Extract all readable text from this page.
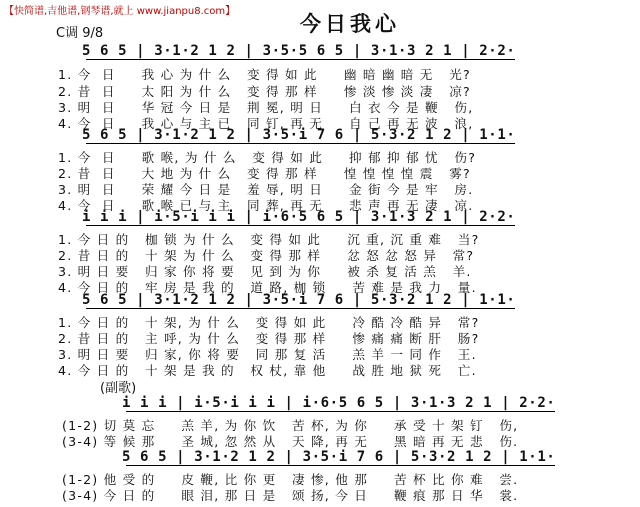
【快简谱,吉他谱,钢琴谱,就上 www.jianpu8.com】
今日我心
C调 9/8
5 6 5 | 3·1·2 1 2 | 3·5·5 6 5 | 3·1·3 2 1 | 2·2·
1. 今  日     我 心 为 什 么   变 得 如 此     幽 暗 幽 暗 无   光?
2. 昔  日     太 阳 为 什 么   变 得 那 样     惨 淡 惨 淡 凄   凉?
3. 明  日     华 冠 今 日 是   荆 冕, 明 日     白 衣 今 是 鞭   伤,
4. 今  日     我 心 与 主 已   同 钉, 再 无     自 己 再 无 波   浪,
5 6 5 | 3·1·2 1 2 | 3·5·i 7 6 | 5·3·2 1 2 | 1·1·
1. 今  日     歌 喉, 为 什 么   变 得 如 此     抑 郁 抑 郁 忧   伤?
2. 昔  日     大 地 为 什 么   变 得 那 样     惶 惶 惶 惶 震   雾?
3. 明  日     荣 耀 今 日 是   羞 辱, 明 日     金 街 今 是 牢   房.
4. 今  日     歌 喉 已 与 主   同 葬, 再 无     悲 声 再 无 凄   凉.
i i i | i·5·i i i | i·6·5 6 5 | 3·1·3 2 1 | 2·2·
1. 今 日 的   枷 锁 为 什 么   变 得 如 此     沉 重, 沉 重 难   当?
2. 昔 日 的   十 架 为 什 么   变 得 那 样     忿 怒 忿 怒 异   常?
3. 明 日 要   归 家 你 将 要   见 到 为 你     被 杀 复 活 羔   羊.
4. 今 日 的   牢 房 是 我 的   道 路, 枷 锁     苦 难 是 我 力   量.
5 6 5 | 3·1·2 1 2 | 3·5·i 7 6 | 5·3·2 1 2 | 1·1·
1. 今 日 的   十 架, 为 什 么   变 得 如 此     冷 酷 冷 酷 异   常?
2. 昔 日 的   主 呼, 为 什 么   变 得 那 样     惨 痛 痛 断 肝   肠?
3. 明 日 要   归 家, 你 将 要   同 那 复 活     羔 羊 一 同 作   王.
4. 今 日 的   十 架 是 我 的   权 杖, 靠 他     战 胜 地 狱 死   亡.
(副歌)
i i i | i·5·i i i | i·6·5 6 5 | 3·1·3 2 1 | 2·2·
(1-2) 切 莫 忘     羔 羊, 为 你 饮   苦 杯, 为 你     承 受 十 架 钉   伤,
(3-4) 等 候 那     圣 城, 忽 然 从   天 降, 再 无     黑 暗 再 无 悲   伤.
5 6 5 | 3·1·2 1 2 | 3·5·i 7 6 | 5·3·2 1 2 | 1·1·
(1-2) 他 受 的     皮 鞭, 比 你 更   凄 惨, 他 那     苦 杯 比 你 难   尝.
(3-4) 今 日 的     眼 泪, 那 日 是   颂 扬, 今 日     鞭 痕 那 日 华   裳.
